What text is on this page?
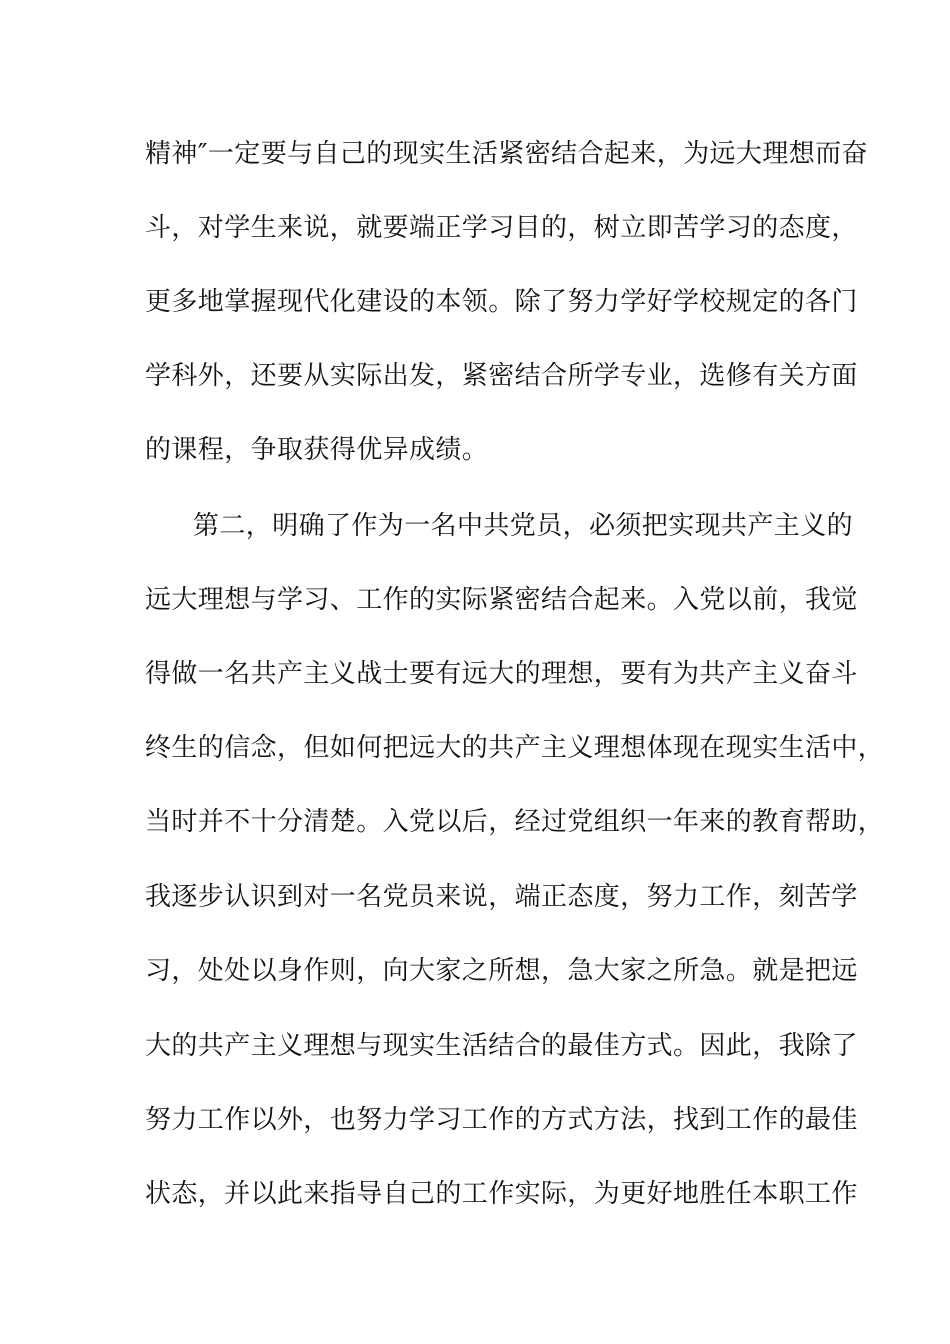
精神″一定要与自己的现实生活紧密结合起来，为远大理想而奋
斗，对学生来说，就要端正学习目的，树立即苦学习的态度，
更多地掌握现代化建设的本领。除了努力学好学校规定的各门
学科外，还要从实际出发，紧密结合所学专业，选修有关方面
的课程，争取获得优异成绩。
第二，明确了作为一名中共党员，必须把实现共产主义的
远大理想与学习、工作的实际紧密结合起来。入党以前，我觉
得做一名共产主义战士要有远大的理想，要有为共产主义奋斗
终生的信念，但如何把远大的共产主义理想体现在现实生活中，
当时并不十分清楚。入党以后，经过党组织一年来的教育帮助，
我逐步认识到对一名党员来说，端正态度，努力工作，刻苦学
习，处处以身作则，向大家之所想，急大家之所急。就是把远
大的共产主义理想与现实生活结合的最佳方式。因此，我除了
努力工作以外，也努力学习工作的方式方法，找到工作的最佳
状态，并以此来指导自己的工作实际，为更好地胜任本职工作
